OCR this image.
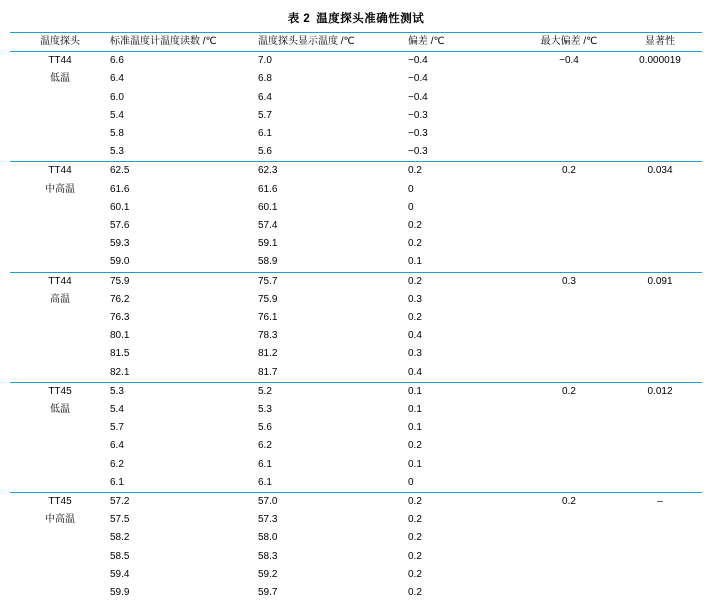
表 2 温度探头准确性测试
温度探头	标准温度计温度读数 /℃	温度探头显示温度 /℃	偏差 /℃	最大偏差 /℃	显著性
TT44	6.6	7.0	−0.4	−0.4	0.000019
低温	6.4	6.8	−0.4		
	6.0	6.4	−0.4		
	5.4	5.7	−0.3		
	5.8	6.1	−0.3		
	5.3	5.6	−0.3		
TT44	62.5	62.3	0.2	0.2	0.034
中高温	61.6	61.6	0		
	60.1	60.1	0		
	57.6	57.4	0.2		
	59.3	59.1	0.2		
	59.0	58.9	0.1		
TT44	75.9	75.7	0.2	0.3	0.091
高温	76.2	75.9	0.3		
	76.3	76.1	0.2		
	80.1	78.3	0.4		
	81.5	81.2	0.3		
	82.1	81.7	0.4		
TT45	5.3	5.2	0.1	0.2	0.012
低温	5.4	5.3	0.1		
	5.7	5.6	0.1		
	6.4	6.2	0.2		
	6.2	6.1	0.1		
	6.1	6.1	0		
TT45	57.2	57.0	0.2	0.2	–
中高温	57.5	57.3	0.2		
	58.2	58.0	0.2		
	58.5	58.3	0.2		
	59.4	59.2	0.2		
	59.9	59.7	0.2		
